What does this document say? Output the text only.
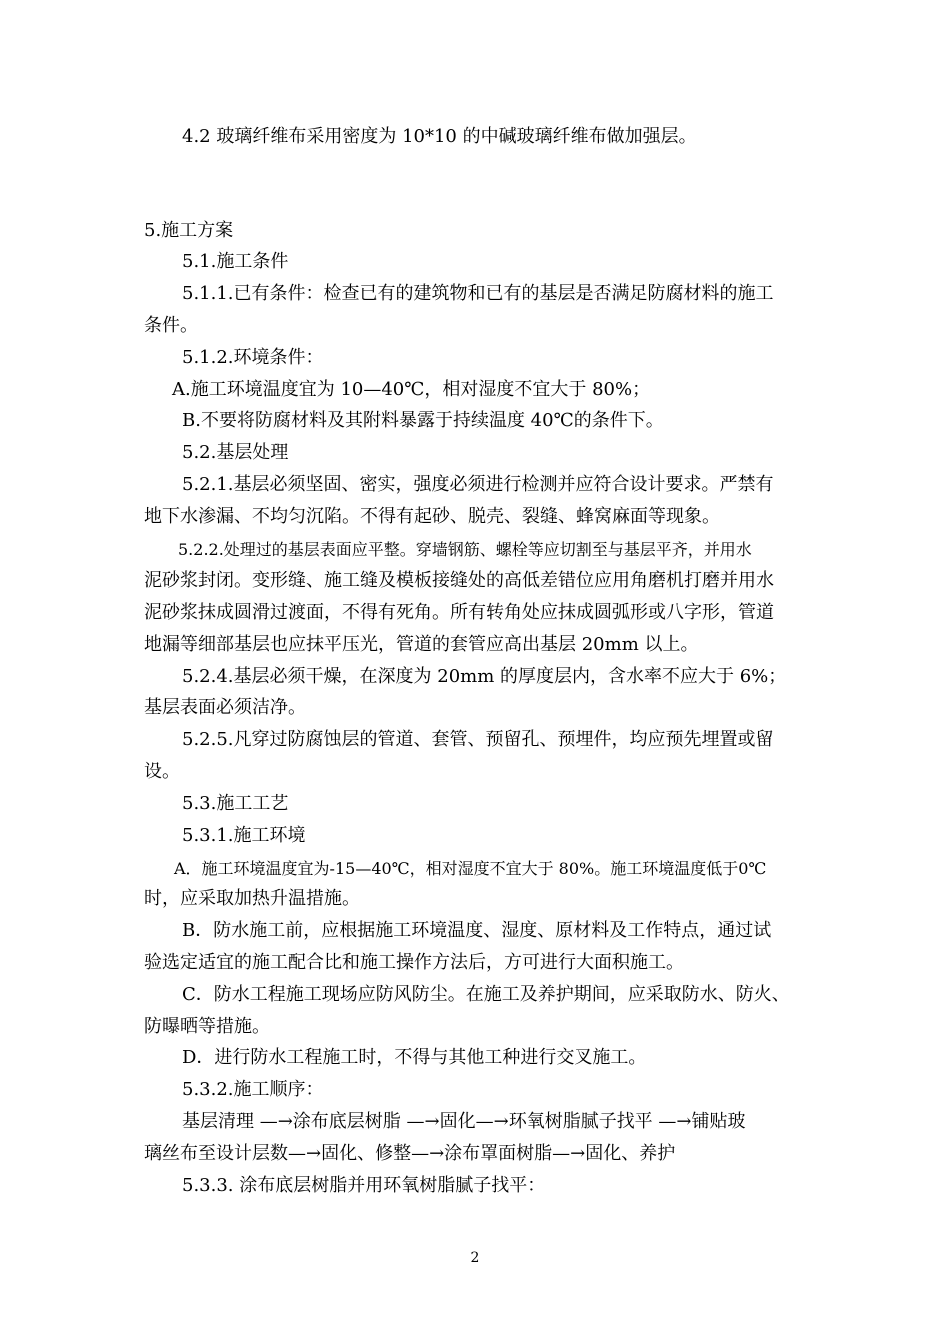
4.2 玻璃纤维布采用密度为 10*10 的中碱玻璃纤维布做加强层。
5.施工方案
5.1.施工条件
5.1.1.已有条件：检查已有的建筑物和已有的基层是否满足防腐材料的施工
条件。
5.1.2.环境条件：
A.施工环境温度宜为 10—40℃，相对湿度不宜大于 80%；
B.不要将防腐材料及其附料暴露于持续温度 40℃的条件下。
5.2.基层处理
5.2.1.基层必须坚固、密实，强度必须进行检测并应符合设计要求。严禁有
地下水渗漏、不均匀沉陷。不得有起砂、脱壳、裂缝、蜂窝麻面等现象。
5.2.2.处理过的基层表面应平整。穿墙钢筋、螺栓等应切割至与基层平齐，并用水
泥砂浆封闭。变形缝、施工缝及模板接缝处的高低差错位应用角磨机打磨并用水
泥砂浆抹成圆滑过渡面，不得有死角。所有转角处应抹成圆弧形或八字形，管道
地漏等细部基层也应抹平压光，管道的套管应高出基层 20mm 以上。
5.2.4.基层必须干燥，在深度为 20mm 的厚度层内，含水率不应大于 6%；
基层表面必须洁净。
5.2.5.凡穿过防腐蚀层的管道、套管、预留孔、预埋件，均应预先埋置或留
设。
5.3.施工工艺
5.3.1.施工环境
A．施工环境温度宜为-15—40℃，相对湿度不宜大于 80%。施工环境温度低于0℃
时，应采取加热升温措施。
B．防水施工前，应根据施工环境温度、湿度、原材料及工作特点，通过试
验选定适宜的施工配合比和施工操作方法后，方可进行大面积施工。
C．防水工程施工现场应防风防尘。在施工及养护期间，应采取防水、防火、
防曝晒等措施。
D．进行防水工程施工时，不得与其他工种进行交叉施工。
5.3.2.施工顺序：
基层清理 —→涂布底层树脂 —→固化—→环氧树脂腻子找平 —→铺贴玻
璃丝布至设计层数—→固化、修整—→涂布罩面树脂—→固化、养护
5.3.3. 涂布底层树脂并用环氧树脂腻子找平：
2
